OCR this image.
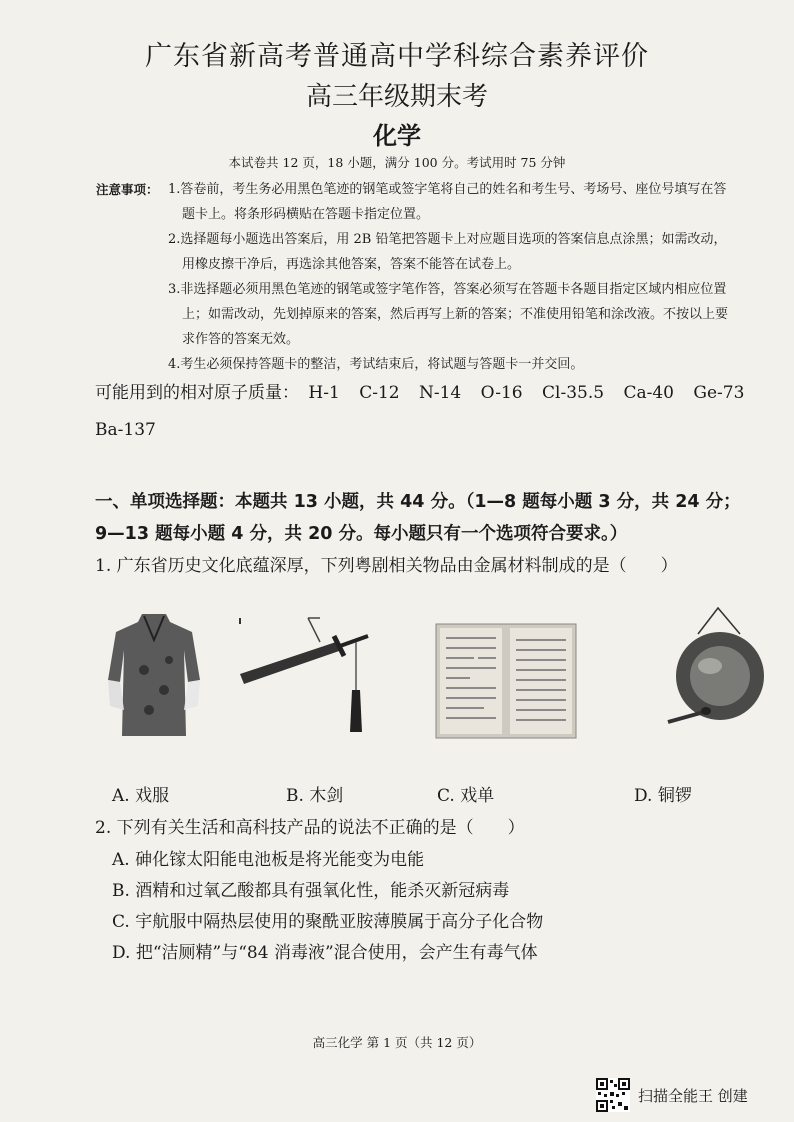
广东省新高考普通高中学科综合素养评价
高三年级期末考
化学
本试卷共 12 页，18 小题，满分 100 分。考试用时 75 分钟
注意事项： 1.答卷前，考生务必用黑色笔迹的钢笔或签字笔将自己的姓名和考生号、考场号、座位号填写在答
题卡上。将条形码横贴在答题卡指定位置。
2.选择题每小题选出答案后，用 2B 铅笔把答题卡上对应题目选项的答案信息点涂黑；如需改动，
用橡皮擦干净后，再选涂其他答案，答案不能答在试卷上。
3.非选择题必须用黑色笔迹的钢笔或签字笔作答，答案必须写在答题卡各题目指定区域内相应位置
上；如需改动，先划掉原来的答案，然后再写上新的答案；不准使用铅笔和涂改液。不按以上要
求作答的答案无效。
4.考生必须保持答题卡的整洁，考试结束后，将试题与答题卡一并交回。
可能用到的相对原子质量： H-1 C-12 N-14 O-16 Cl-35.5 Ca-40 Ge-73
Ba-137
一、单项选择题：本题共 13 小题，共 44 分。（1—8 题每小题 3 分，共 24 分；
9—13 题每小题 4 分，共 20 分。每小题只有一个选项符合要求。）
1. 广东省历史文化底蕴深厚，下列粤剧相关物品由金属材料制成的是（　　）
A. 戏服	B. 木剑	C. 戏单	D. 铜锣
2. 下列有关生活和高科技产品的说法不正确的是（　　）
A. 砷化镓太阳能电池板是将光能变为电能
B. 酒精和过氧乙酸都具有强氧化性，能杀灭新冠病毒
C. 宇航服中隔热层使用的聚酰亚胺薄膜属于高分子化合物
D. 把“洁厕精”与“84 消毒液”混合使用，会产生有毒气体
高三化学 第 1 页（共 12 页）
扫描全能王 创建
